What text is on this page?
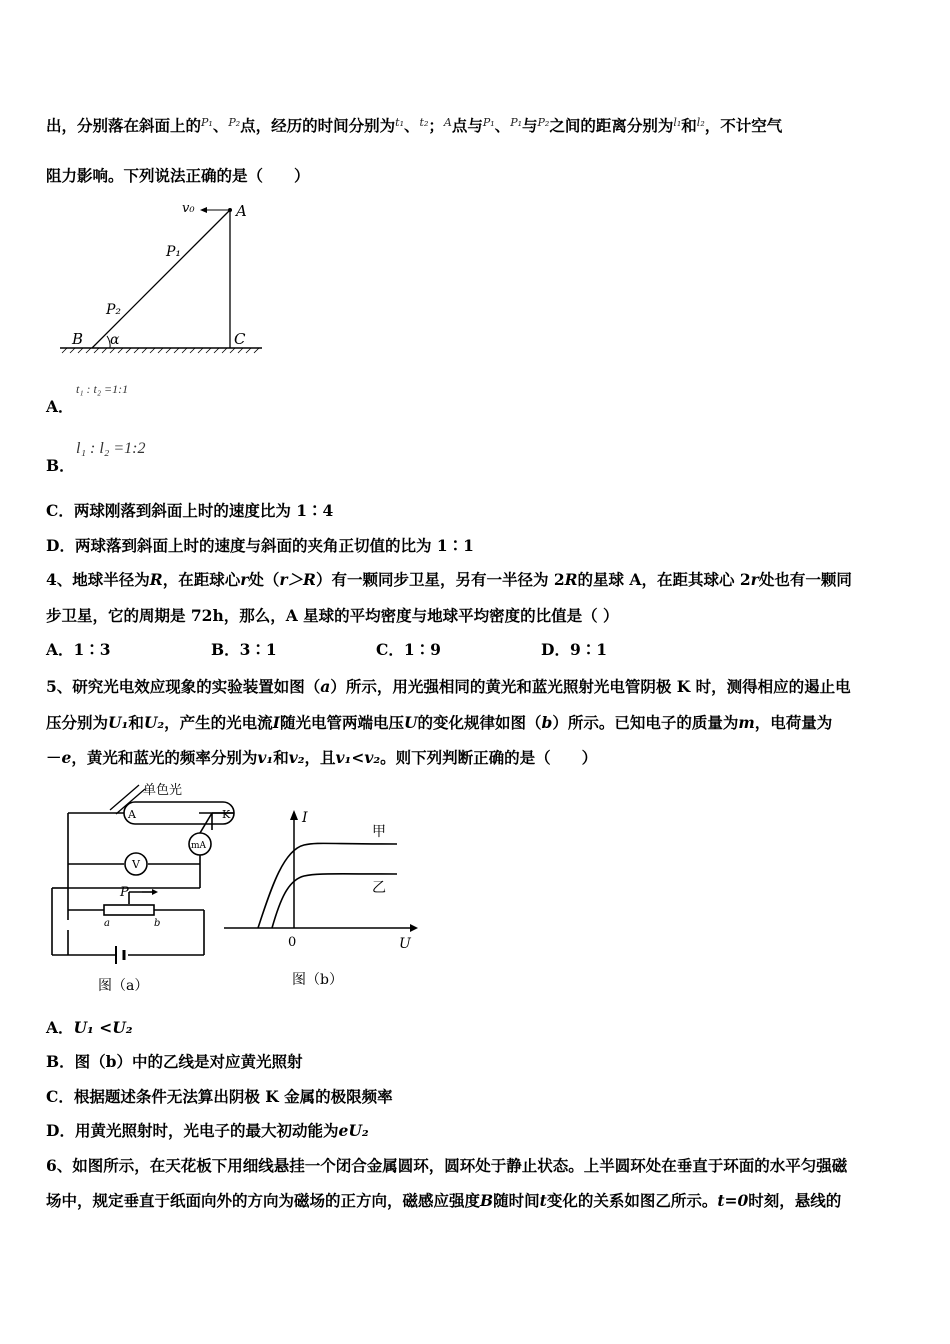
出，分别落在斜面上的$^{P_1}$、$^{P_2}$点，经历的时间分别为$^{t_1}$、$^{t_2}$；$^A$点与$^{P_1}$、$^{P_1}$与$^{P_2}$之间的距离分别为$^{l_1}$和$^{l_2}$，不计空气
阻力影响。下列说法正确的是（　　）
v₀	A
P₁
P₂
B α	C
A．
t₁ : t₂ =1:1
B．
l₁ : l₂ =1:2
C．两球刚落到斜面上时的速度比为 1∶4
D．两球落到斜面上时的速度与斜面的夹角正切值的比为 1∶1
4、地球半径为R，在距球心r处（r＞R）有一颗同步卫星，另有一半径为 2R的星球 A，在距其球心 2r处也有一颗同
步卫星，它的周期是 72h，那么，A 星球的平均密度与地球平均密度的比值是（ ）
A．1∶3	B．3∶1	C．1∶9	D．9∶1
5、研究光电效应现象的实验装置如图（a）所示，用光强相同的黄光和蓝光照射光电管阴极 K 时，测得相应的遏止电
压分别为U₁和U₂，产生的光电流I随光电管两端电压U的变化规律如图（b）所示。已知电子的质量为m，电荷量为
－e，黄光和蓝光的频率分别为v₁和v₂，且v₁<v₂。则下列判断正确的是（　　）
单色光
A	K
mA
V
P
a	b
图（a）
I
U
0
甲
乙
图（b）
A．U₁ <U₂
B．图（b）中的乙线是对应黄光照射
C．根据题述条件无法算出阴极 K 金属的极限频率
D．用黄光照射时，光电子的最大初动能为eU₂
6、如图所示，在天花板下用细线悬挂一个闭合金属圆环，圆环处于静止状态。上半圆环处在垂直于环面的水平匀强磁
场中，规定垂直于纸面向外的方向为磁场的正方向，磁感应强度B随时间t变化的关系如图乙所示。t=0时刻，悬线的
